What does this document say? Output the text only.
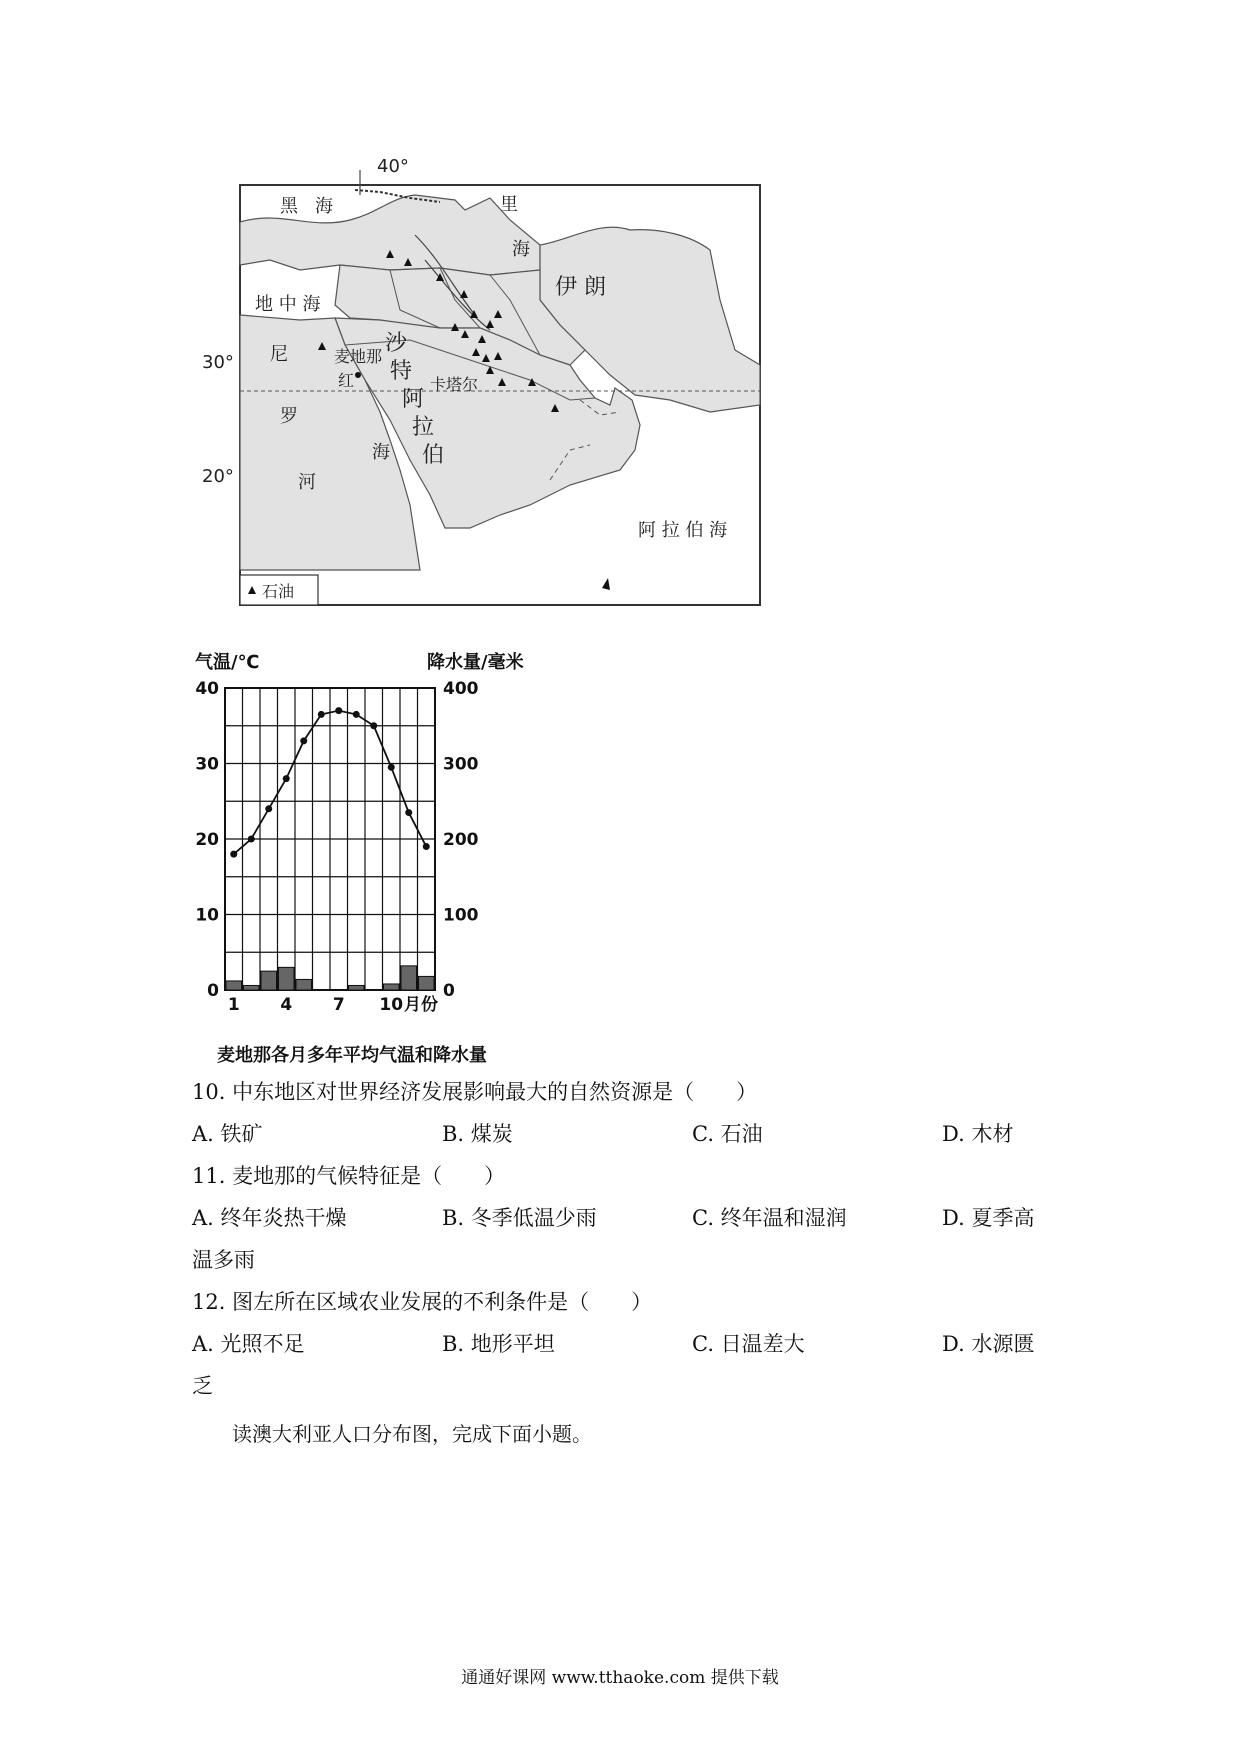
40°
30°
20°
黑 海	里
海
地 中 海
伊 朗
沙
特
阿
拉
伯
麦地那
卡塔尔
尼
罗
河
红
海
阿 拉 伯 海
石油
气温/℃	降水量/毫米
40
30
20
10
0
400
300
200
100
0
1 4 7 10 月份
麦地那各月多年平均气温和降水量
10. 中东地区对世界经济发展影响最大的自然资源是（　　）
A. 铁矿	B. 煤炭	C. 石油	D. 木材
11. 麦地那的气候特征是（　　）
A. 终年炎热干燥	B. 冬季低温少雨	C. 终年温和湿润	D. 夏季高
温多雨
12. 图左所在区域农业发展的不利条件是（　　）
A. 光照不足	B. 地形平坦	C. 日温差大	D. 水源匮
乏
读澳大利亚人口分布图，完成下面小题。
通通好课网 www.tthaoke.com 提供下载
